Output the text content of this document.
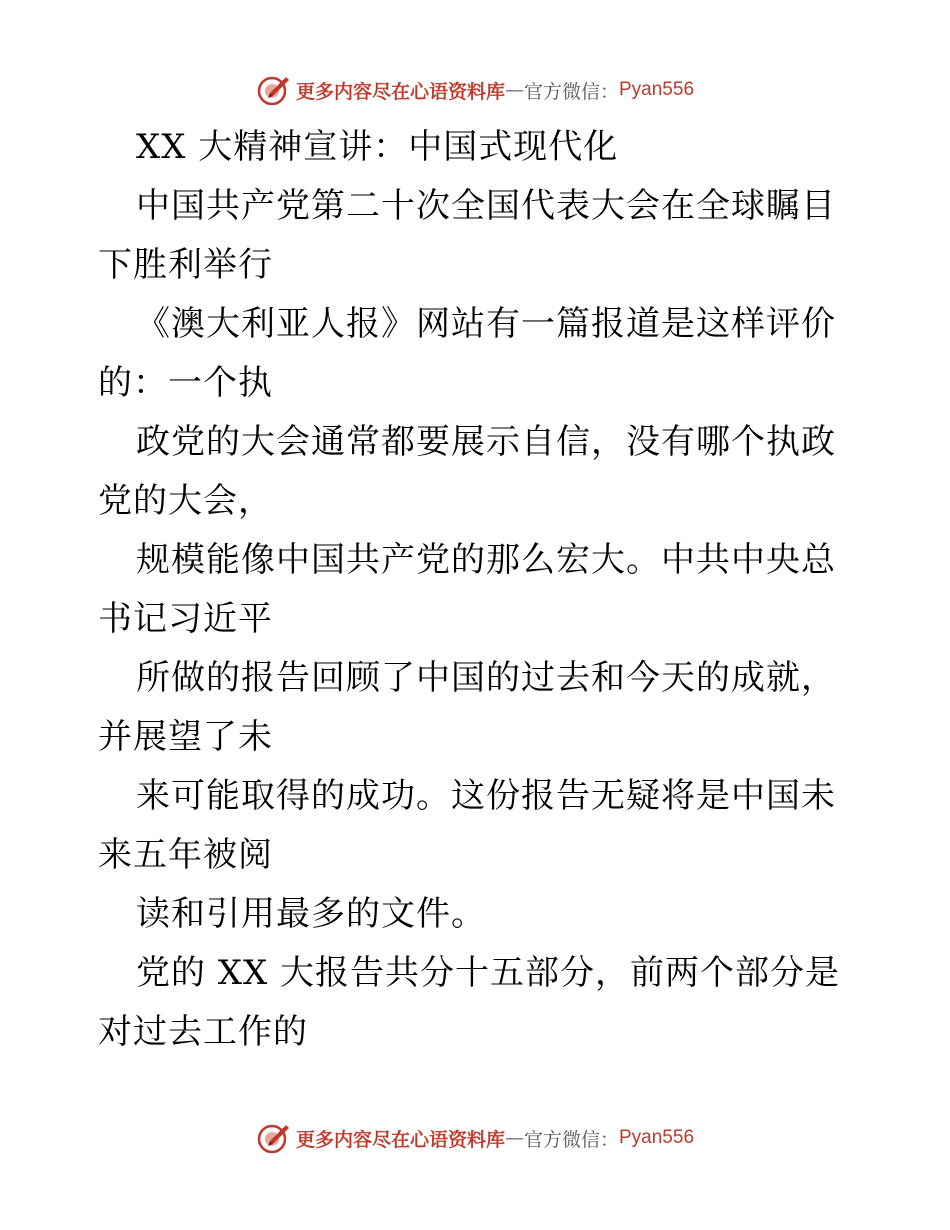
更多内容尽在心语资料库 — 官方微信： Pyan556

XX 大精神宣讲：中国式现代化

中国共产党第二十次全国代表大会在全球瞩目下胜利举行

《澳大利亚人报》网站有一篇报道是这样评价的：一个执

政党的大会通常都要展示自信，没有哪个执政党的大会，

规模能像中国共产党的那么宏大。中共中央总书记习近平

所做的报告回顾了中国的过去和今天的成就，并展望了未

来可能取得的成功。这份报告无疑将是中国未来五年被阅

读和引用最多的文件。

党的 XX 大报告共分十五部分，前两个部分是对过去工作的

更多内容尽在心语资料库 — 官方微信： Pyan556
